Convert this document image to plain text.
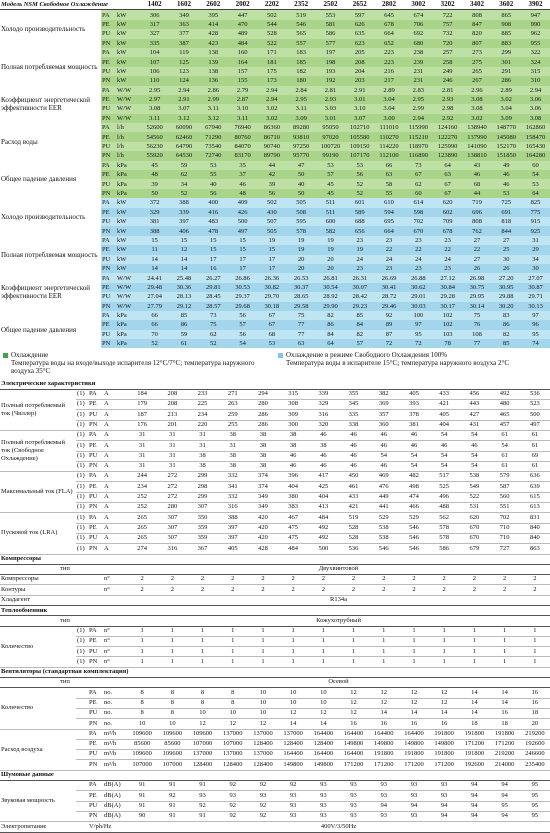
Модель NSM Свободное Охлаждение			1402	1602	2602	2002	2202	2352	2502	2652	2802	3002	3202	3402	3602	3902
Холодо производительность	PA	kW	306	349	395	447	502	519	553	597	645	674	722	808	865	947
	PE	kW	317	363	414	470	544	546	581	626	678	706	757	847	908	990
	PU	kW	327	377	428	489	528	565	586	635	664	692	732	820	885	962
	PN	kW	335	387	423	484	522	557	577	623	652	680	720	807	883	955
Полная потребляемая мощность	PA	kW	104	119	138	160	171	183	197	205	223	238	257	273	299	322
	PE	kW	107	125	139	164	181	185	198	208	223	239	258	275	301	324
	PU	kW	106	123	138	157	175	182	193	204	216	231	249	265	291	315
	PN	kW	110	124	136	155	173	180	192	203	217	231	246	267	286	310
Коэффициент энергетической эффективности EER	PA	W/W	2.95	2.94	2.86	2.79	2.94	2.84	2.81	2.91	2.89	2.83	2.81	2.96	2.89	2.94
	PE	W/W	2.97	2.91	2.99	2.87	2.94	2.95	2.93	3.01	3.04	2.95	2.93	3.08	3.02	3.06
	PU	W/W	3.08	3.07	3.11	3.10	3.02	3.11	3.03	3.10	3.04	2.99	2.98	3.08	3.04	3.06
	PN	W/W	3.11	3.12	3.12	3.11	3.02	3.09	3.01	3.07	3.00	2.94	2.92	3.02	3.09	3.08
Расход воды	PA	l/h	52600	60090	67940	76940	86360	89280	95050	102710	111010	115990	124160	138940	148770	162860
	PE	l/h	54560	62460	71290	80760	86710	93810	97020	105580	110270	115210	122270	137990	145080	158470
	PU	l/h	56230	64790	73540	84070	90740	97250	100720	109150	114220	118970	125990	141090	152170	165430
	PN	l/h	55920	64530	72740	83170	89790	95770	99190	107170	112100	116890	123890	138810	151850	164280
Общее падение давления	PA	kPa	45	59	53	35	44	47	53	53	66	73	64	43	49	60
	PE	kPa	48	62	55	37	42	50	57	56	63	67	63	46	46	54
	PU	kPa	39	34	40	46	39	40	45	52	58	62	67	68	46	53
	PN	kPa	50	52	56	48	56	50	45	52	55	60	67	44	53	64
Холодо производительность	PA	kW	372	388	400	409	502	505	511	601	610	614	620	719	725	825
	PE	kW	329	339	416	426	430	508	511	589	594	598	602	696	691	775
	PU	kW	381	397	483	500	507	595	600	688	695	702	709	808	818	915
	PN	kW	388	406	478	497	505	578	582	656	664	670	678	762	844	925
Полная потребляемая мощность	PA	kW	15	15	15	15	19	19	19	23	23	23	23	27	27	31
	PE	kW	11	12	15	15	15	19	19	19	22	22	22	22	25	29
	PU	kW	14	14	17	17	17	20	20	24	24	24	24	27	30	34
	PN	kW	14	14	16	17	17	20	20	23	23	23	23	26	26	30
Коэффициент энергетической эффективности EER	PA	W/W	24.41	25.48	26.27	26.86	26.36	26.53	26.81	26.31	26.69	26.88	27.12	26.98	27.20	27.07
	PE	W/W	29.48	30.36	29.81	30.53	30.82	30.37	30.54	30.07	30.41	30.62	30.84	30.75	30.95	30.87
	PU	W/W	27.04	28.13	28.45	29.37	29.70	28.65	28.92	28.42	28.72	29.01	29.28	29.95	29.88	29.71
	PN	W/W	27.79	29.12	28.57	29.68	30.18	29.58	29.90	29.23	29.46	30.03	30.17	30.14	30.20	30.13
Общее падение давления	PA	kPa	66	85	73	56	67	75	82	85	92	100	102	75	83	97
	PE	kPa	66	86	75	57	67	77	86	84	89	97	102	76	86	96
	PU	kPa	70	59	62	56	68	77	84	82	87	95	103	108	82	95
	PN	kPa	52	61	52	54	53	63	64	57	72	72	78	77	85	74
Охлаждение
Температура воды на входе/выходе испарителя 12°C/7°C; температура наружного воздуха 35°C
Охлаждение в режиме Свободного Охлаждения 100%
Температура воды в испарителе 15°C; температура наружного воздуха 2°C
Электрические характеристики																	
Полный потребляемый ток (Чиллер)	(1)	PA	A	184	208	233	271	294	315	339	355	382	405	433	456	492	536
	(1)	PE	A	179	208	225	263	280	308	329	345	369	393	421	443	480	523
	(1)	PU	A	187	213	234	259	286	309	316	335	357	378	405	427	465	500
	(1)	PN	A	176	201	220	255	286	300	320	338	360	381	404	431	457	497
Полный потребляемый ток (Свободное Охлаждение)	(1)	PA	A	31	31	31	38	38	38	46	46	46	46	54	54	61	61
	(1)	PE	A	31	31	31	31	38	38	38	46	46	46	46	46	54	61
	(1)	PU	A	31	31	38	38	38	46	46	46	54	54	54	54	61	69
	(1)	PN	A	31	31	38	38	38	46	46	46	46	54	54	54	61	61
Максимальный ток (FLA)	(1)	PA	A	244	272	299	332	374	396	417	450	469	482	517	538	579	636
	(1)	PE	A	234	272	298	341	374	404	425	461	476	498	525	549	587	639
	(1)	PU	A	252	272	299	332	349	380	404	433	449	474	496	522	560	615
	(1)	PN	A	252	280	307	316	349	383	413	421	441	466	488	531	551	613
Пусковой ток (LRA)	(1)	PA	A	265	307	350	388	420	467	484	519	529	529	562	620	702	831
	(1)	PE	A	265	307	359	397	420	475	492	528	538	546	578	670	710	840
	(1)	PU	A	265	307	359	397	420	475	492	528	538	546	578	670	710	840
	(1)	PN	A	274	316	367	405	428	484	500	536	546	546	586	679	727	863
Компрессоры																	
тип				Двухвинтовой													
Компрессоры			n°	2	2	2	2	2	2	2	2	2	2	2	2	2	2
Контуры			n°	2	2	2	2	2	2	2	2	2	2	2	2	2	2
Хладагент				R134a													
Теплообменник																	
тип				Кожухотрубный													
Количество	(1)	PA	n°	1	1	1	1	1	1	1	1	1	1	1	1	1	1
	(1)	PE	n°	1	1	1	1	1	1	1	1	1	1	1	1	1	1
	(1)	PU	n°	1	1	1	1	1	1	1	1	1	1	1	1	1	1
	(1)	PN	n°	1	1	1	1	1	1	1	1	1	1	1	1	1	1
Вентиляторы (стандартная комплектация)																	
тип				Осевой													
Количество		PA	no.	8	8	8	8	10	10	10	12	12	12	12	14	14	16
		PE	no.	8	8	8	8	10	10	10	12	12	12	12	14	14	16
		PU	no.	8	8	10	10	10	12	12	12	14	14	14	14	16	18
		PN	no.	10	10	12	12	12	14	14	16	16	16	16	18	18	20
Расход воздуха		PA	m³/h	109600	109600	109600	137000	137000	137000	164400	164400	164400	164400	191800	191800	191800	219200
		PE	m³/h	85600	85600	107000	107000	128400	128400	128400	149800	149800	149800	149800	171200	171200	192600
		PU	m³/h	109600	109600	137000	137000	137000	164400	164400	164400	191800	191800	191800	191800	219200	246600
		PN	m³/h	107000	107000	128400	128400	128400	149800	149800	171200	171200	171200	171200	192600	214000	235400
Шумовые данные																	
Звуковая мощность		PA	dB(A)	91	91	91	92	92	92	93	93	93	93	93	94	94	95
		PE	dB(A)	91	92	93	93	93	93	93	93	93	93	93	94	94	95
		PU	dB(A)	91	91	92	92	92	93	93	93	94	94	94	94	95	95
		PN	dB(A)	90	91	91	92	92	93	93	93	93	93	94	94	94	95
Электропитание		V/ph/Hz		400V/3/50Hz													
